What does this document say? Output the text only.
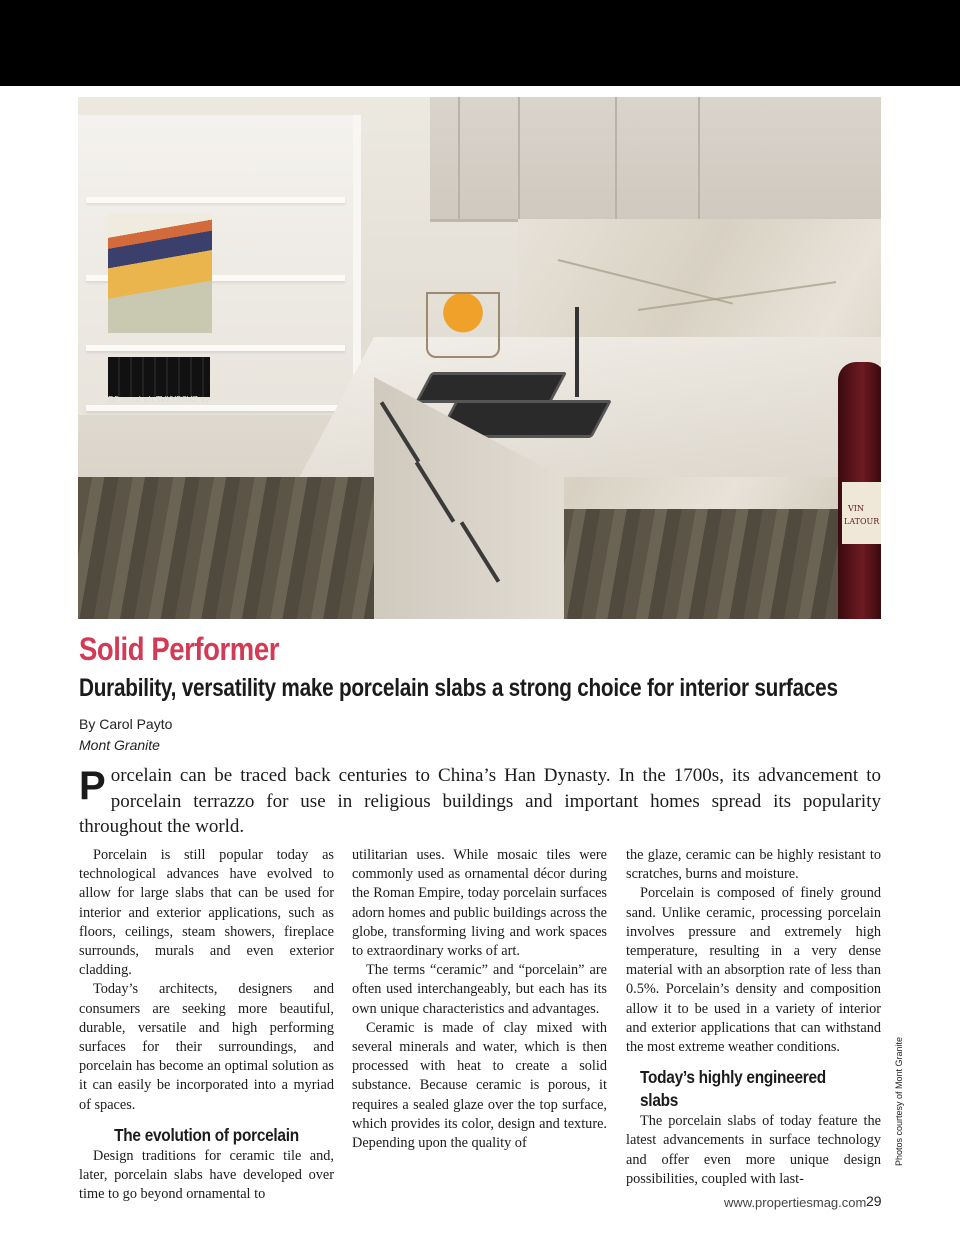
DF m sd eh TVKYRSVZ xy
VIN
LATOUR
Solid Performer
Durability, versatility make porcelain slabs a strong choice for interior surfaces
By Carol Payto
Mont Granite

Porcelain can be traced back centuries to China’s Han Dynasty. In the 1700s, its advancement to porcelain terrazzo for use in religious buildings and important homes spread its popularity throughout the world.

Porcelain is still popular today as technological advances have evolved to allow for large slabs that can be used for interior and exterior applications, such as floors, ceilings, steam showers, fireplace surrounds, murals and even exterior cladding.

Today’s architects, designers and consumers are seeking more beautiful, durable, versatile and high performing surfaces for their surroundings, and porcelain has become an optimal solution as it can easily be incorporated into a myriad of spaces.

The evolution of porcelain

Design traditions for ceramic tile and, later, porcelain slabs have developed over time to go beyond ornamental to

utilitarian uses. While mosaic tiles were commonly used as ornamental décor during the Roman Empire, today porcelain surfaces adorn homes and public buildings across the globe, transforming living and work spaces to extraordinary works of art.

The terms “ceramic” and “porcelain” are often used interchangeably, but each has its own unique characteristics and advantages.

Ceramic is made of clay mixed with several minerals and water, which is then processed with heat to create a solid substance. Because ceramic is porous, it requires a sealed glaze over the top surface, which provides its color, design and texture. Depending upon the quality of

the glaze, ceramic can be highly resistant to scratches, burns and moisture.

Porcelain is composed of finely ground sand. Unlike ceramic, processing porcelain involves pressure and extremely high temperature, resulting in a very dense material with an absorption rate of less than 0.5%. Porcelain’s density and composition allow it to be used in a variety of interior and exterior applications that can withstand the most extreme weather conditions.

Today’s highly engineered slabs

The porcelain slabs of today feature the latest advancements in surface technology and offer even more unique design possibilities, coupled with last-

Photos courtesy of Mont Granite
www.propertiesmag.com 29
